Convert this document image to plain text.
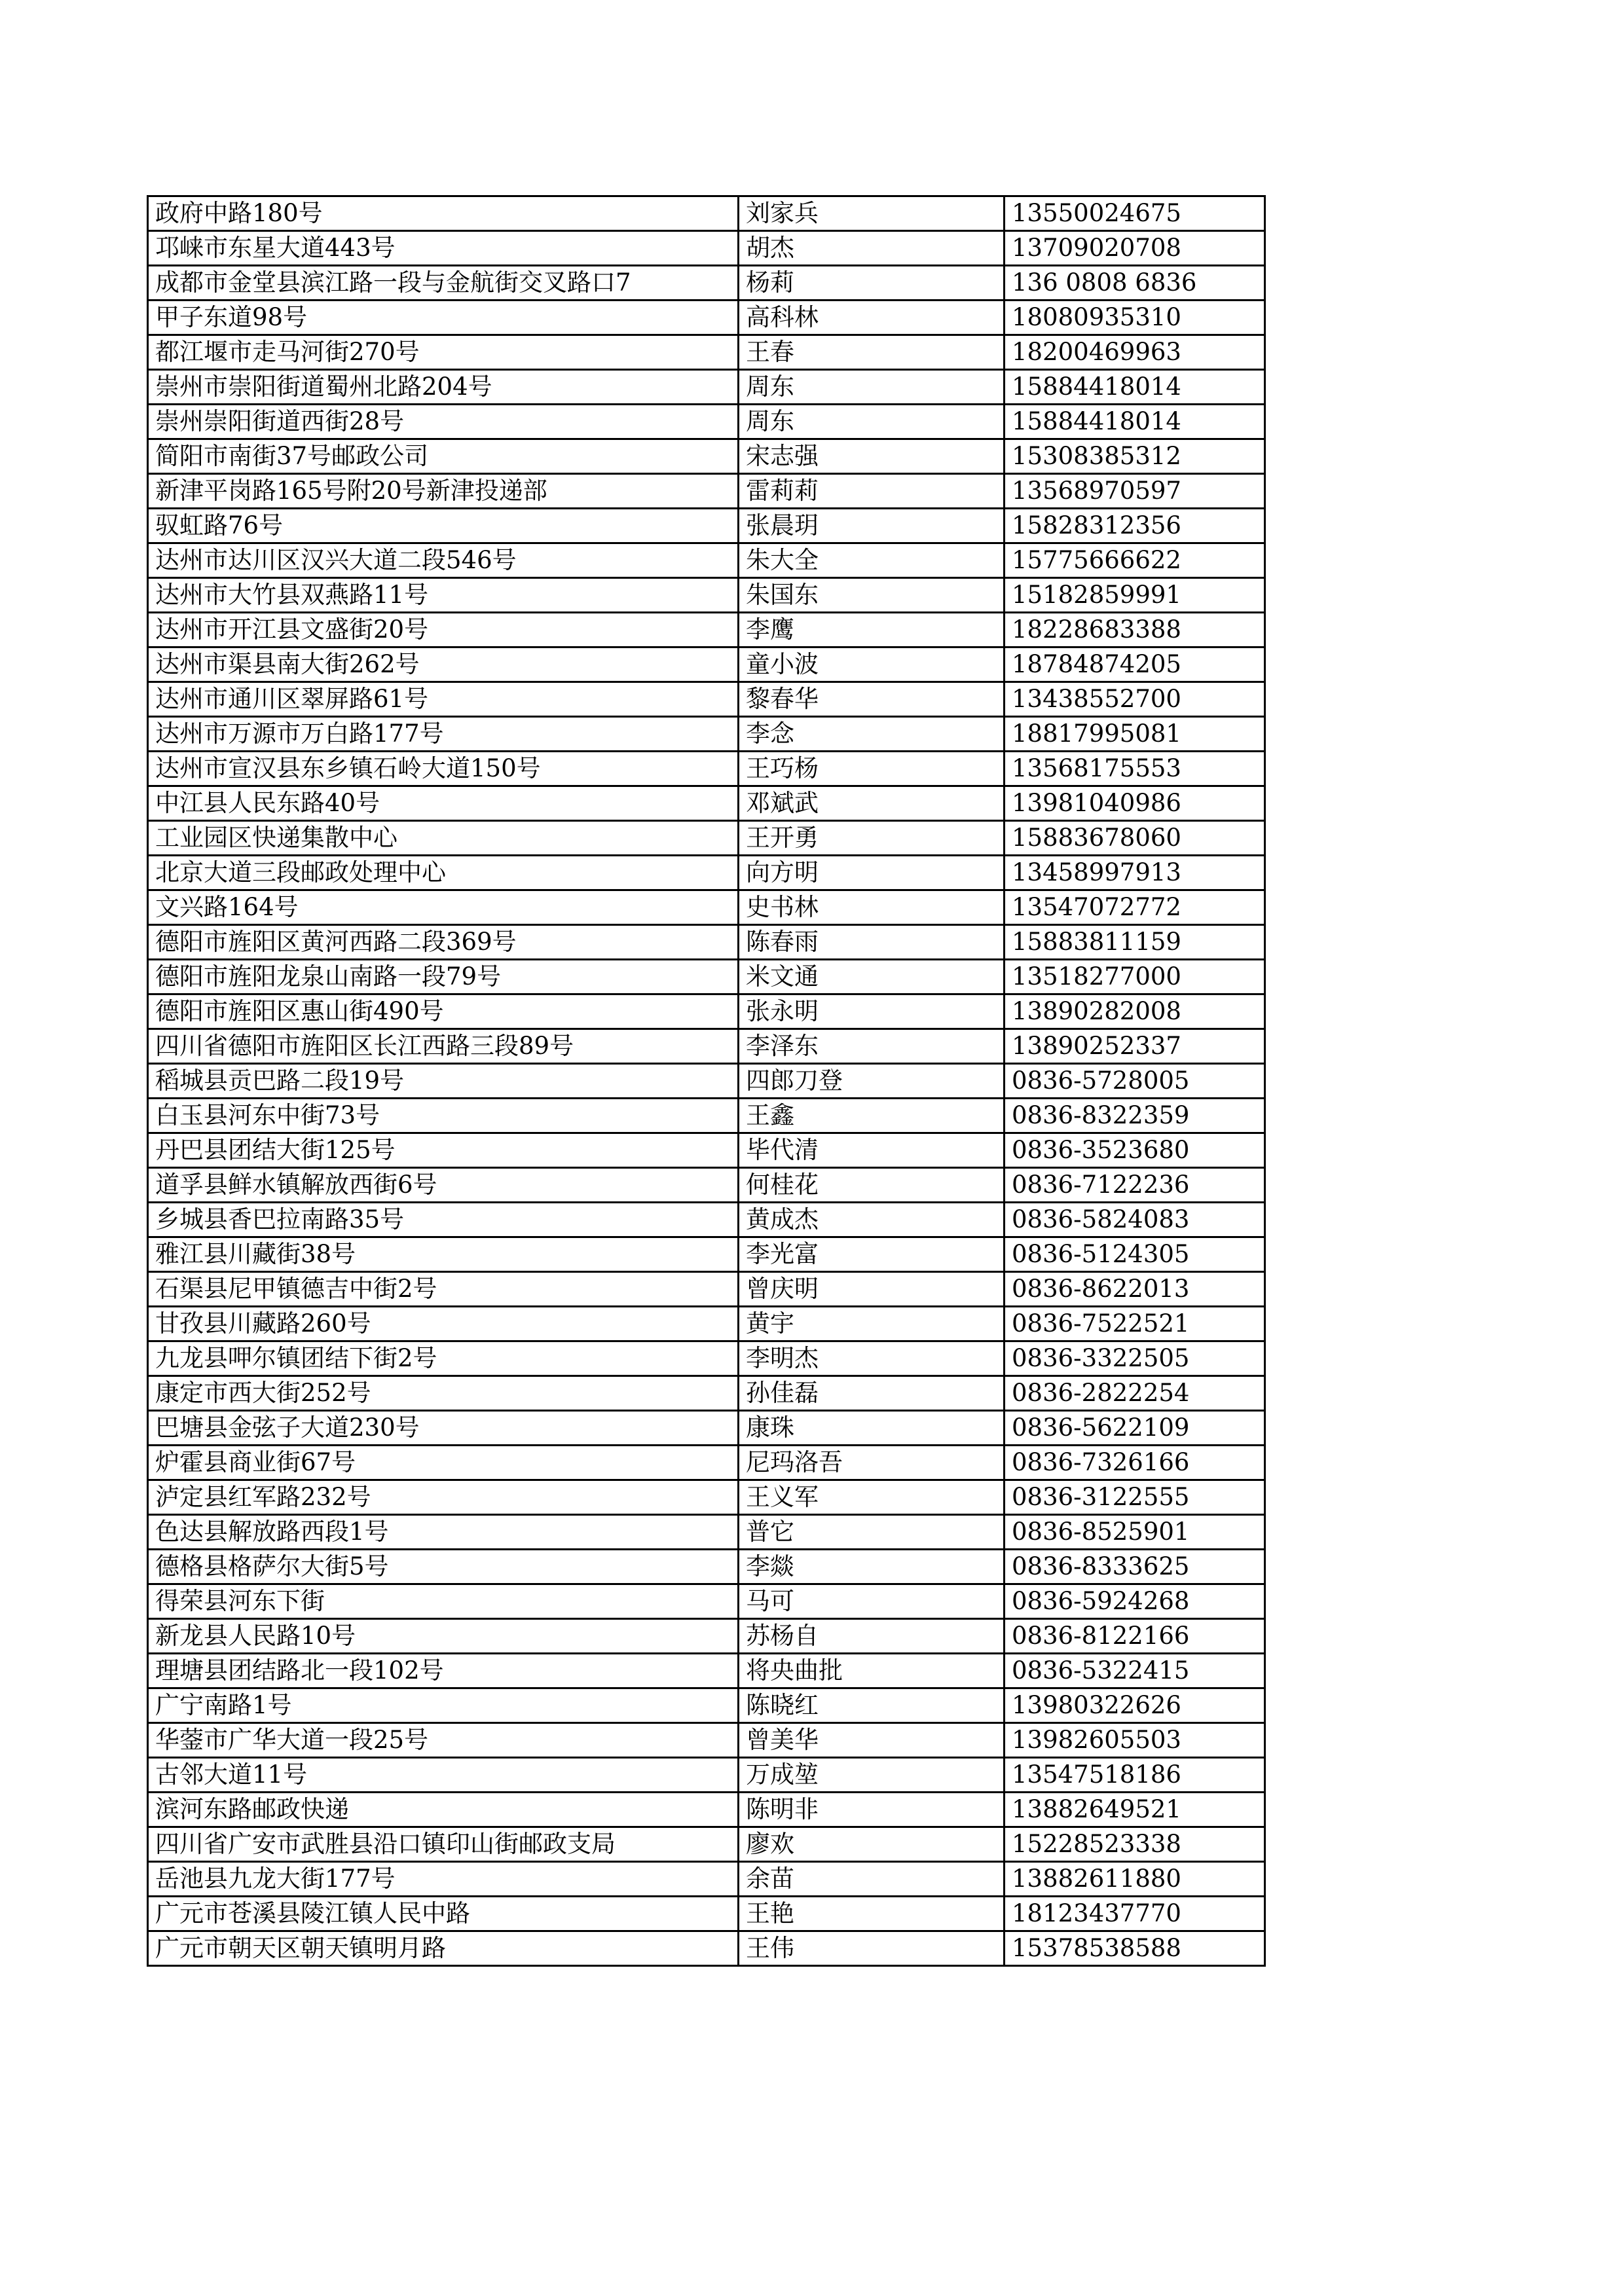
政府中路180号	刘家兵	13550024675
邛崃市东星大道443号	胡杰	13709020708
成都市金堂县滨江路一段与金航街交叉路口7	杨莉	136 0808 6836
甲子东道98号	高科林	18080935310
都江堰市走马河街270号	王春	18200469963
崇州市崇阳街道蜀州北路204号	周东	15884418014
崇州崇阳街道西街28号	周东	15884418014
简阳市南街37号邮政公司	宋志强	15308385312
新津平岗路165号附20号新津投递部	雷莉莉	13568970597
驭虹路76号	张晨玥	15828312356
达州市达川区汉兴大道二段546号	朱大全	15775666622
达州市大竹县双燕路11号	朱国东	15182859991
达州市开江县文盛街20号	李鹰	18228683388
达州市渠县南大街262号	童小波	18784874205
达州市通川区翠屏路61号	黎春华	13438552700
达州市万源市万白路177号	李念	18817995081
达州市宣汉县东乡镇石岭大道150号	王巧杨	13568175553
中江县人民东路40号	邓斌武	13981040986
工业园区快递集散中心	王开勇	15883678060
北京大道三段邮政处理中心	向方明	13458997913
文兴路164号	史书林	13547072772
德阳市旌阳区黄河西路二段369号	陈春雨	15883811159
德阳市旌阳龙泉山南路一段79号	米文通	13518277000
德阳市旌阳区惠山街490号	张永明	13890282008
四川省德阳市旌阳区长江西路三段89号	李泽东	13890252337
稻城县贡巴路二段19号	四郎刀登	0836-5728005
白玉县河东中街73号	王鑫	0836-8322359
丹巴县团结大街125号	毕代清	0836-3523680
道孚县鲜水镇解放西街6号	何桂花	0836-7122236
乡城县香巴拉南路35号	黄成杰	0836-5824083
雅江县川藏街38号	李光富	0836-5124305
石渠县尼甲镇德吉中街2号	曾庆明	0836-8622013
甘孜县川藏路260号	黄宇	0836-7522521
九龙县呷尔镇团结下街2号	李明杰	0836-3322505
康定市西大街252号	孙佳磊	0836-2822254
巴塘县金弦子大道230号	康珠	0836-5622109
炉霍县商业街67号	尼玛洛吾	0836-7326166
泸定县红军路232号	王义军	0836-3122555
色达县解放路西段1号	普它	0836-8525901
德格县格萨尔大街5号	李燚	0836-8333625
得荣县河东下街	马可	0836-5924268
新龙县人民路10号	苏杨自	0836-8122166
理塘县团结路北一段102号	将央曲批	0836-5322415
广宁南路1号	陈晓红	13980322626
华蓥市广华大道一段25号	曾美华	13982605503
古邻大道11号	万成堃	13547518186
滨河东路邮政快递	陈明非	13882649521
四川省广安市武胜县沿口镇印山街邮政支局	廖欢	15228523338
岳池县九龙大街177号	余苗	13882611880
广元市苍溪县陵江镇人民中路	王艳	18123437770
广元市朝天区朝天镇明月路	王伟	15378538588
